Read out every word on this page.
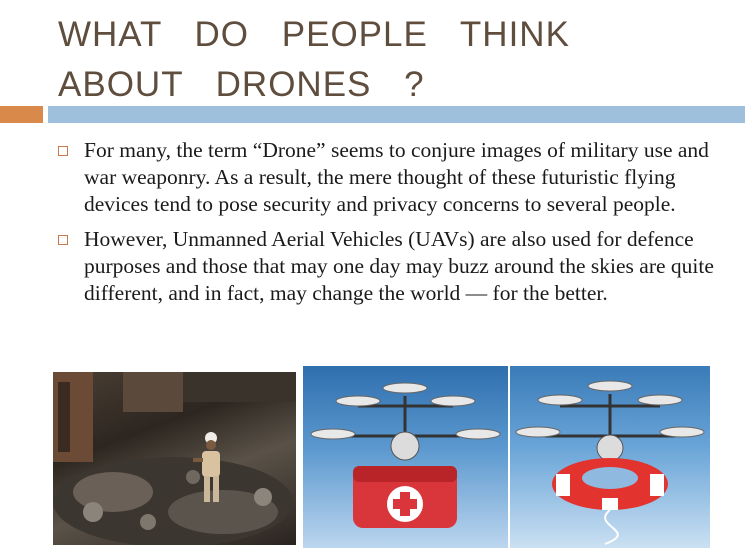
WHAT DO PEOPLE THINK ABOUT DRONES ?
For many, the term “Drone” seems to conjure images of military use and war weaponry. As a result, the mere thought of these futuristic flying devices tend to pose security and privacy concerns to several people.
However, Unmanned Aerial Vehicles (UAVs) are also used for defence purposes and those that may one day may buzz around the skies are quite different, and in fact, may change the world — for the better.
